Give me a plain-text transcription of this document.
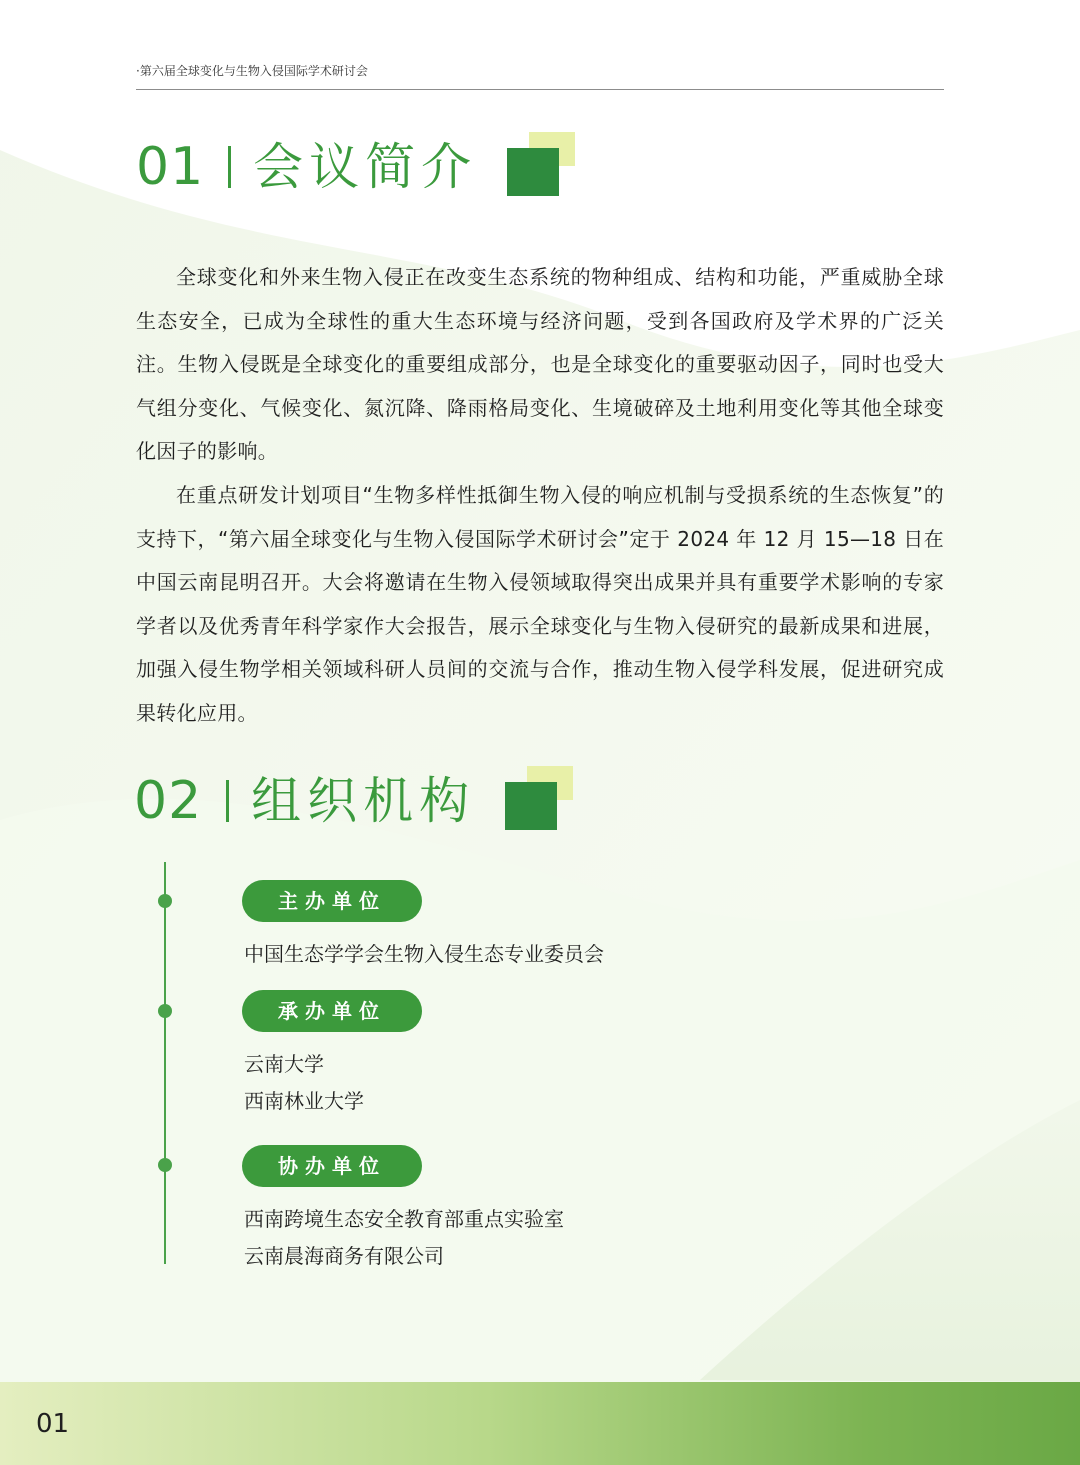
·第六届全球变化与生物入侵国际学术研讨会
01 会议简介

全球变化和外来生物入侵正在改变生态系统的物种组成、结构和功能，严重威胁全球生态安全，已成为全球性的重大生态环境与经济问题，受到各国政府及学术界的广泛关注。生物入侵既是全球变化的重要组成部分，也是全球变化的重要驱动因子，同时也受大气组分变化、气候变化、氮沉降、降雨格局变化、生境破碎及土地利用变化等其他全球变化因子的影响。

在重点研发计划项目“生物多样性抵御生物入侵的响应机制与受损系统的生态恢复”的支持下，“第六届全球变化与生物入侵国际学术研讨会”定于 2024 年 12 月 15—18 日在中国云南昆明召开。大会将邀请在生物入侵领域取得突出成果并具有重要学术影响的专家学者以及优秀青年科学家作大会报告，展示全球变化与生物入侵研究的最新成果和进展，加强入侵生物学相关领域科研人员间的交流与合作，推动生物入侵学科发展，促进研究成果转化应用。

02 组织机构
主办单位
中国生态学学会生物入侵生态专业委员会
承办单位
云南大学
西南林业大学
协办单位
西南跨境生态安全教育部重点实验室
云南晨海商务有限公司
01
